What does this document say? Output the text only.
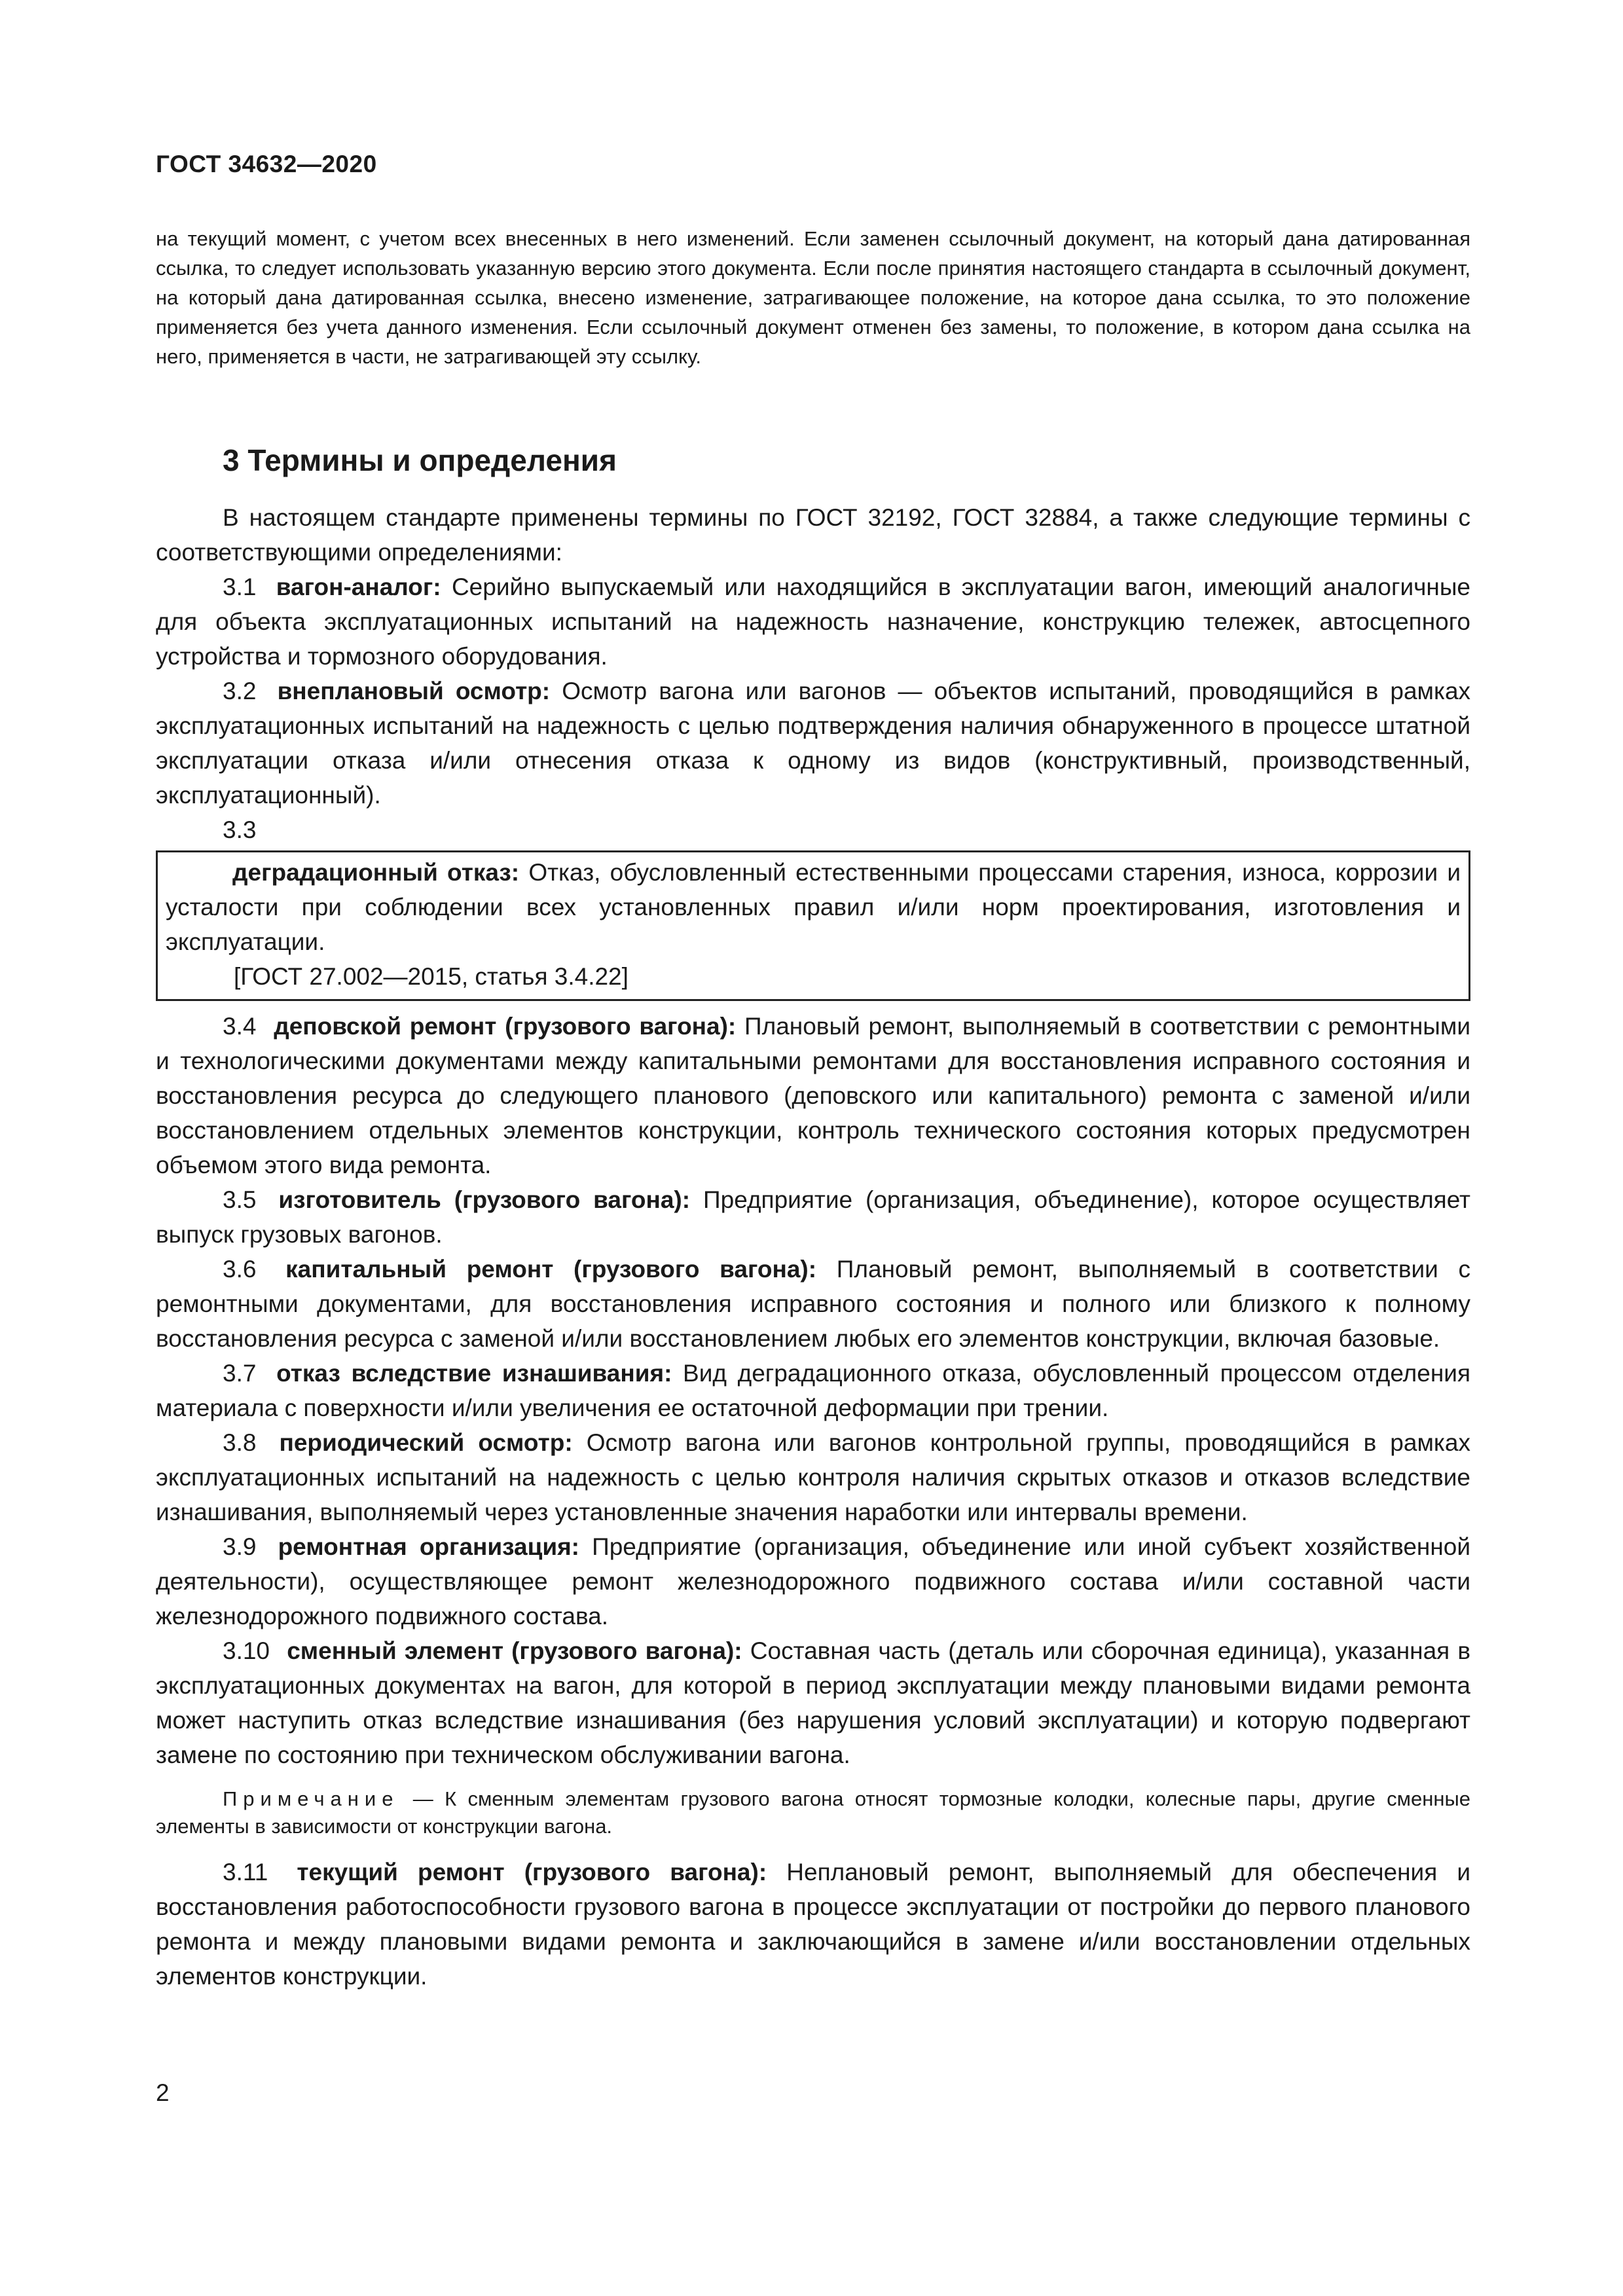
ГОСТ 34632—2020

на текущий момент, с учетом всех внесенных в него изменений. Если заменен ссылочный документ, на который дана датированная ссылка, то следует использовать указанную версию этого документа. Если после принятия настоящего стандарта в ссылочный документ, на который дана датированная ссылка, внесено изменение, затрагивающее положение, на которое дана ссылка, то это положение применяется без учета данного изменения. Если ссылочный документ отменен без замены, то положение, в котором дана ссылка на него, применяется в части, не затрагивающей эту ссылку.

3 Термины и определения

В настоящем стандарте применены термины по ГОСТ 32192, ГОСТ 32884, а также следующие термины с соответствующими определениями:

3.1 вагон-аналог: Серийно выпускаемый или находящийся в эксплуатации вагон, имеющий аналогичные для объекта эксплуатационных испытаний на надежность назначение, конструкцию тележек, автосцепного устройства и тормозного оборудования.

3.2 внеплановый осмотр: Осмотр вагона или вагонов — объектов испытаний, проводящийся в рамках эксплуатационных испытаний на надежность с целью подтверждения наличия обнаруженного в процессе штатной эксплуатации отказа и/или отнесения отказа к одному из видов (конструктивный, производственный, эксплуатационный).

3.3

деградационный отказ: Отказ, обусловленный естественными процессами старения, износа, коррозии и усталости при соблюдении всех установленных правил и/или норм проектирования, изготовления и эксплуатации.

[ГОСТ 27.002—2015, статья 3.4.22]

3.4 деповской ремонт (грузового вагона): Плановый ремонт, выполняемый в соответствии с ремонтными и технологическими документами между капитальными ремонтами для восстановления исправного состояния и восстановления ресурса до следующего планового (деповского или капитального) ремонта с заменой и/или восстановлением отдельных элементов конструкции, контроль технического состояния которых предусмотрен объемом этого вида ремонта.

3.5 изготовитель (грузового вагона): Предприятие (организация, объединение), которое осуществляет выпуск грузовых вагонов.

3.6 капитальный ремонт (грузового вагона): Плановый ремонт, выполняемый в соответствии с ремонтными документами, для восстановления исправного состояния и полного или близкого к полному восстановления ресурса с заменой и/или восстановлением любых его элементов конструкции, включая базовые.

3.7 отказ вследствие изнашивания: Вид деградационного отказа, обусловленный процессом отделения материала с поверхности и/или увеличения ее остаточной деформации при трении.

3.8 периодический осмотр: Осмотр вагона или вагонов контрольной группы, проводящийся в рамках эксплуатационных испытаний на надежность с целью контроля наличия скрытых отказов и отказов вследствие изнашивания, выполняемый через установленные значения наработки или интервалы времени.

3.9 ремонтная организация: Предприятие (организация, объединение или иной субъект хозяйственной деятельности), осуществляющее ремонт железнодорожного подвижного состава и/или составной части железнодорожного подвижного состава.

3.10 сменный элемент (грузового вагона): Составная часть (деталь или сборочная единица), указанная в эксплуатационных документах на вагон, для которой в период эксплуатации между плановыми видами ремонта может наступить отказ вследствие изнашивания (без нарушения условий эксплуатации) и которую подвергают замене по состоянию при техническом обслуживании вагона.

Примечание — К сменным элементам грузового вагона относят тормозные колодки, колесные пары, другие сменные элементы в зависимости от конструкции вагона.

3.11 текущий ремонт (грузового вагона): Неплановый ремонт, выполняемый для обеспечения и восстановления работоспособности грузового вагона в процессе эксплуатации от постройки до первого планового ремонта и между плановыми видами ремонта и заключающийся в замене и/или восстановлении отдельных элементов конструкции.

2
